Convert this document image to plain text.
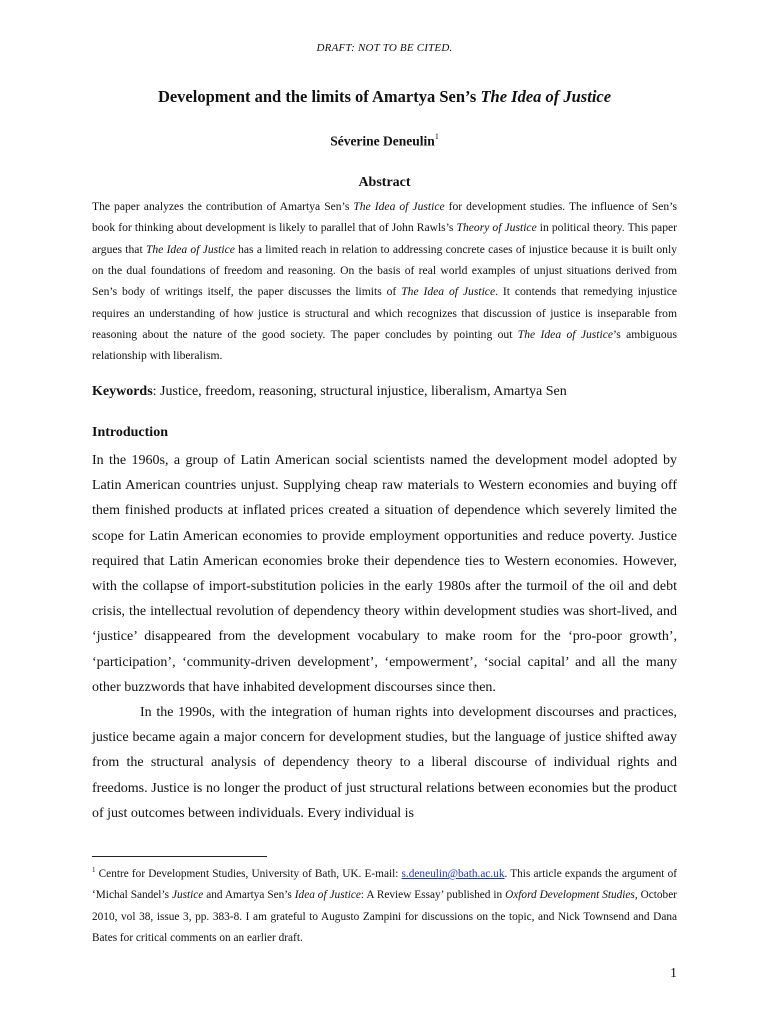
DRAFT: NOT TO BE CITED.
Development and the limits of Amartya Sen’s The Idea of Justice
Séverine Deneulin$^1$
Abstract
The paper analyzes the contribution of Amartya Sen’s The Idea of Justice for development studies. The influence of Sen’s book for thinking about development is likely to parallel that of John Rawls’s Theory of Justice in political theory. This paper argues that The Idea of Justice has a limited reach in relation to addressing concrete cases of injustice because it is built only on the dual foundations of freedom and reasoning. On the basis of real world examples of unjust situations derived from Sen’s body of writings itself, the paper discusses the limits of The Idea of Justice. It contends that remedying injustice requires an understanding of how justice is structural and which recognizes that discussion of justice is inseparable from reasoning about the nature of the good society. The paper concludes by pointing out The Idea of Justice’s ambiguous relationship with liberalism.
Keywords: Justice, freedom, reasoning, structural injustice, liberalism, Amartya Sen
Introduction

In the 1960s, a group of Latin American social scientists named the development model adopted by Latin American countries unjust. Supplying cheap raw materials to Western economies and buying off them finished products at inflated prices created a situation of dependence which severely limited the scope for Latin American economies to provide employment opportunities and reduce poverty. Justice required that Latin American economies broke their dependence ties to Western economies. However, with the collapse of import-substitution policies in the early 1980s after the turmoil of the oil and debt crisis, the intellectual revolution of dependency theory within development studies was short-lived, and ‘justice’ disappeared from the development vocabulary to make room for the ‘pro-poor growth’, ‘participation’, ‘community-driven development’, ‘empowerment’, ‘social capital’ and all the many other buzzwords that have inhabited development discourses since then.

In the 1990s, with the integration of human rights into development discourses and practices, justice became again a major concern for development studies, but the language of justice shifted away from the structural analysis of dependency theory to a liberal discourse of individual rights and freedoms. Justice is no longer the product of just structural relations between economies but the product of just outcomes between individuals. Every individual is

$^1$ Centre for Development Studies, University of Bath, UK. E-mail: s.deneulin@bath.ac.uk. This article expands the argument of ‘Michal Sandel’s Justice and Amartya Sen’s Idea of Justice: A Review Essay’ published in Oxford Development Studies, October 2010, vol 38, issue 3, pp. 383-8. I am grateful to Augusto Zampini for discussions on the topic, and Nick Townsend and Dana Bates for critical comments on an earlier draft.
1
